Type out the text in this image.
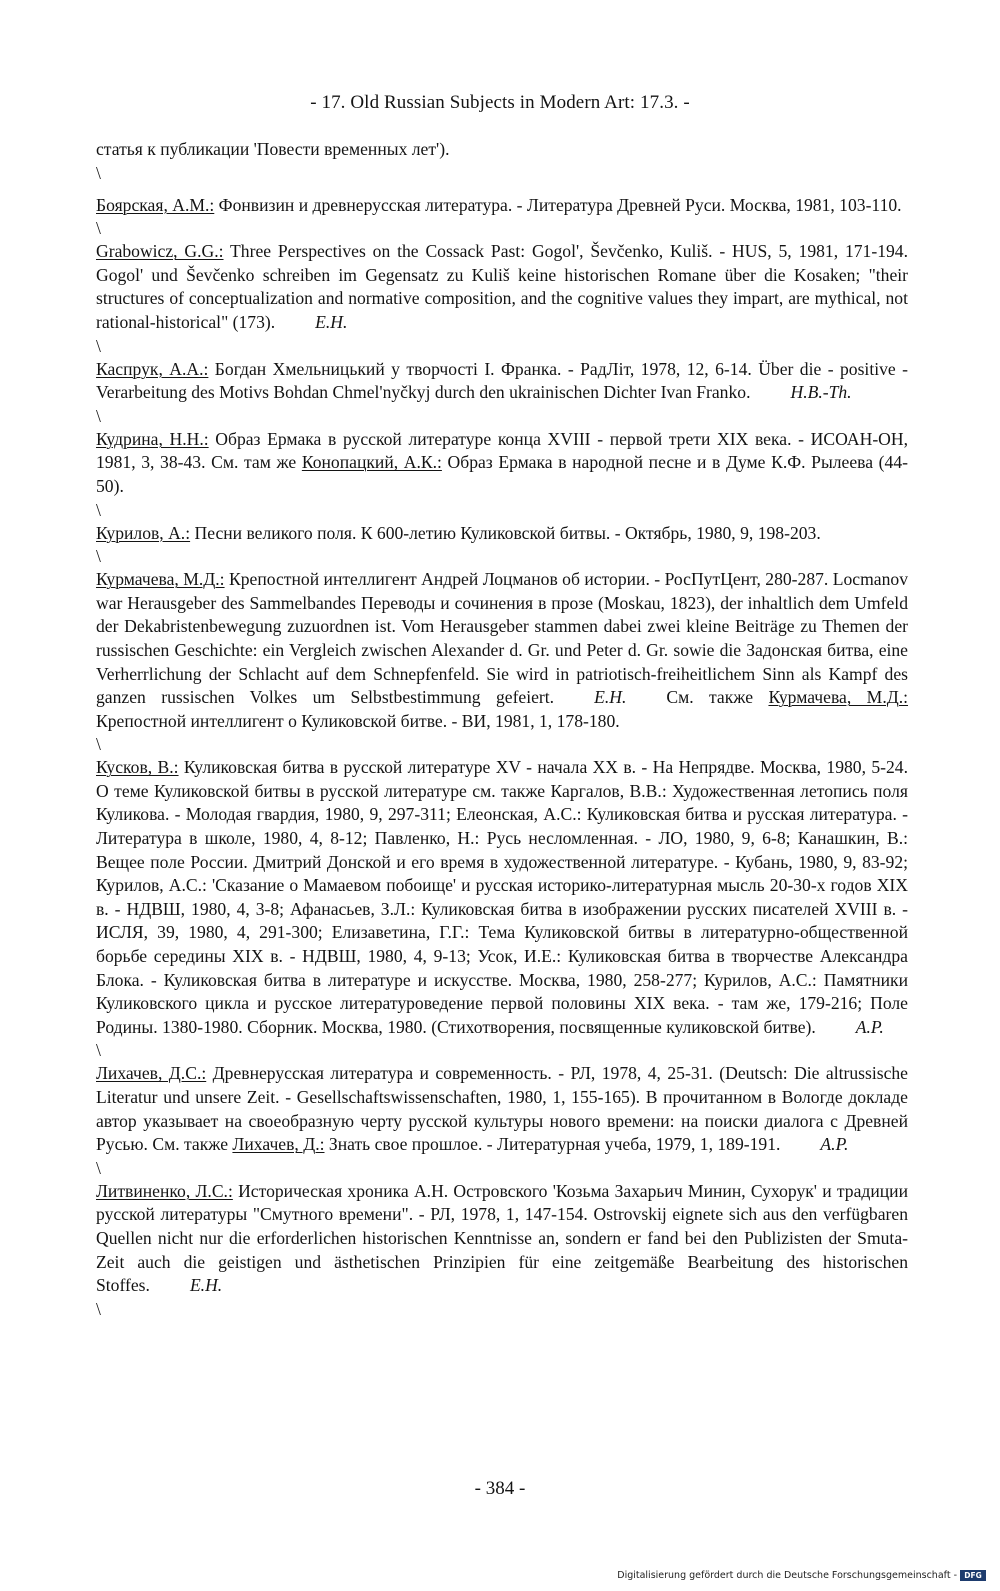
- 17. Old Russian Subjects in Modern Art: 17.3. -
статья к публикации 'Повести временных лет').
\
Боярская, А.М.: Фонвизин и древнерусская литература. - Литература Древней Руси. Москва, 1981, 103-110.
\
Grabowicz, G.G.: Three Perspectives on the Cossack Past: Gogol', Ševčenko, Kuliš. - HUS, 5, 1981, 171-194. Gogol' und Ševčenko schreiben im Gegensatz zu Kuliš keine historischen Romane über die Kosaken; "their structures of conceptualization and normative composition, and the cognitive values they impart, are mythical, not rational-historical" (173). E.H.
\
Каспрук, А.А.: Богдан Хмельницький у творчості І. Франка. - РадЛіт, 1978, 12, 6-14. Über die - positive - Verarbeitung des Motivs Bohdan Chmel'nyčkyj durch den ukrainischen Dichter Ivan Franko. H.B.-Th.
\
Кудрина, Н.Н.: Образ Ермака в русской литературе конца XVIII - первой трети XIX века. - ИСОАН-ОН, 1981, 3, 38-43. См. там же Конопацкий, А.К.: Образ Ермака в народной песне и в Думе К.Ф. Рылеева (44-50).
\
Курилов, А.: Песни великого поля. К 600-летию Куликовской битвы. - Октябрь, 1980, 9, 198-203.
\
Курмачева, М.Д.: Крепостной интеллигент Андрей Лоцманов об истории. - РосПутЦент, 280-287. Locmanov war Herausgeber des Sammelbandes Переводы и сочинения в прозе (Moskau, 1823), der inhaltlich dem Umfeld der Dekabristenbewegung zuzuordnen ist. Vom Herausgeber stammen dabei zwei kleine Beiträge zu Themen der russischen Geschichte: ein Vergleich zwischen Alexander d. Gr. und Peter d. Gr. sowie die Задонская битва, eine Verherrlichung der Schlacht auf dem Schnepfenfeld. Sie wird in patriotisch-freiheitlichem Sinn als Kampf des ganzen russischen Volkes um Selbstbestimmung gefeiert. E.H. См. также Курмачева, М.Д.: Крепостной интеллигент о Куликовской битве. - ВИ, 1981, 1, 178-180.
\
Кусков, В.: Куликовская битва в русской литературе XV - начала XX в. - На Непрядве. Москва, 1980, 5-24. О теме Куликовской битвы в русской литературе см. также Каргалов, В.В.: Художественная летопись поля Куликова. - Молодая гвардия, 1980, 9, 297-311; Елеонская, А.С.: Куликовская битва и русская литература. - Литература в школе, 1980, 4, 8-12; Павленко, Н.: Русь несломленная. - ЛО, 1980, 9, 6-8; Канашкин, В.: Вещее поле России. Дмитрий Донской и его время в художественной литературе. - Кубань, 1980, 9, 83-92; Курилов, А.С.: 'Сказание о Мамаевом побоище' и русская историко-литературная мысль 20-30-х годов XIX в. - НДВШ, 1980, 4, 3-8; Афанасьев, З.Л.: Куликовская битва в изображении русских писателей XVIII в. - ИСЛЯ, 39, 1980, 4, 291-300; Елизаветина, Г.Г.: Тема Куликовской битвы в литературно-общественной борьбе середины XIX в. - НДВШ, 1980, 4, 9-13; Усок, И.Е.: Куликовская битва в творчестве Александра Блока. - Куликовская битва в литературе и искусстве. Москва, 1980, 258-277; Курилов, А.С.: Памятники Куликовского цикла и русское литературоведение первой половины XIX века. - там же, 179-216; Поле Родины. 1380-1980. Сборник. Москва, 1980. (Стихотворения, посвященные куликовской битве). A.P.
\
Лихачев, Д.С.: Древнерусская литература и современность. - РЛ, 1978, 4, 25-31. (Deutsch: Die altrussische Literatur und unsere Zeit. - Gesellschaftswissenschaften, 1980, 1, 155-165). В прочитанном в Вологде докладе автор указывает на своеобразную черту русской культуры нового времени: на поиски диалога с Древней Русью. См. также Лихачев, Д.: Знать свое прошлое. - Литературная учеба, 1979, 1, 189-191. A.P.
\
Литвиненко, Л.С.: Историческая хроника А.Н. Островского 'Козьма Захарьич Минин, Сухорук' и традиции русской литературы "Смутного времени". - РЛ, 1978, 1, 147-154. Ostrovskij eignete sich aus den verfügbaren Quellen nicht nur die erforderlichen historischen Kenntnisse an, sondern er fand bei den Publizisten der Smuta-Zeit auch die geistigen und ästhetischen Prinzipien für eine zeitgemäße Bearbeitung des historischen Stoffes. E.H.
\
- 384 -
Digitalisierung gefördert durch die Deutsche Forschungsgemeinschaft - DFG
